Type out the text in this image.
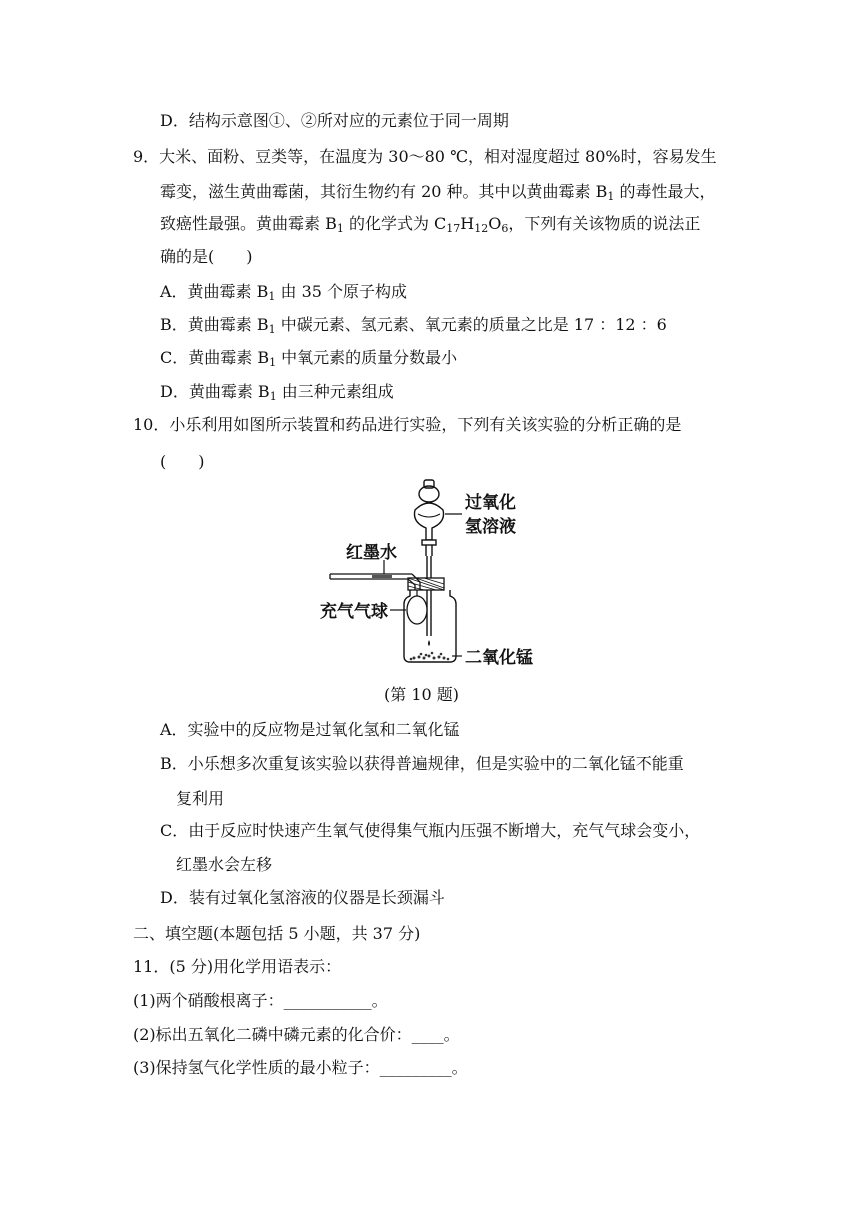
D．结构示意图①、②所对应的元素位于同一周期
9．大米、面粉、豆类等，在温度为 30～80 ℃，相对湿度超过 80%时，容易发生
霉变，滋生黄曲霉菌，其衍生物约有 20 种。其中以黄曲霉素 $B_1$ 的毒性最大，
致癌性最强。黄曲霉素 $B_1$ 的化学式为 $C_{17}H_{12}O_6$，下列有关该物质的说法正
确的是(　　)
A．黄曲霉素 $B_1$ 由 35 个原子构成
B．黄曲霉素 $B_1$ 中碳元素、氢元素、氧元素的质量之比是 17 ：12 ：6
C．黄曲霉素 $B_1$ 中氧元素的质量分数最小
D．黄曲霉素 $B_1$ 由三种元素组成
10．小乐利用如图所示装置和药品进行实验，下列有关该实验的分析正确的是
(　　)
过氧化
氢溶液
红墨水
充气气球
二氧化锰
(第 10 题)
A．实验中的反应物是过氧化氢和二氧化锰
B．小乐想多次重复该实验以获得普遍规律，但是实验中的二氧化锰不能重
复利用
C．由于反应时快速产生氧气使得集气瓶内压强不断增大，充气气球会变小，
红墨水会左移
D．装有过氧化氢溶液的仪器是长颈漏斗
二、填空题(本题包括 5 小题，共 37 分)
11．(5 分)用化学用语表示：
(1)两个硝酸根离子：___________。
(2)标出五氧化二磷中磷元素的化合价：____。
(3)保持氢气化学性质的最小粒子：_________。
